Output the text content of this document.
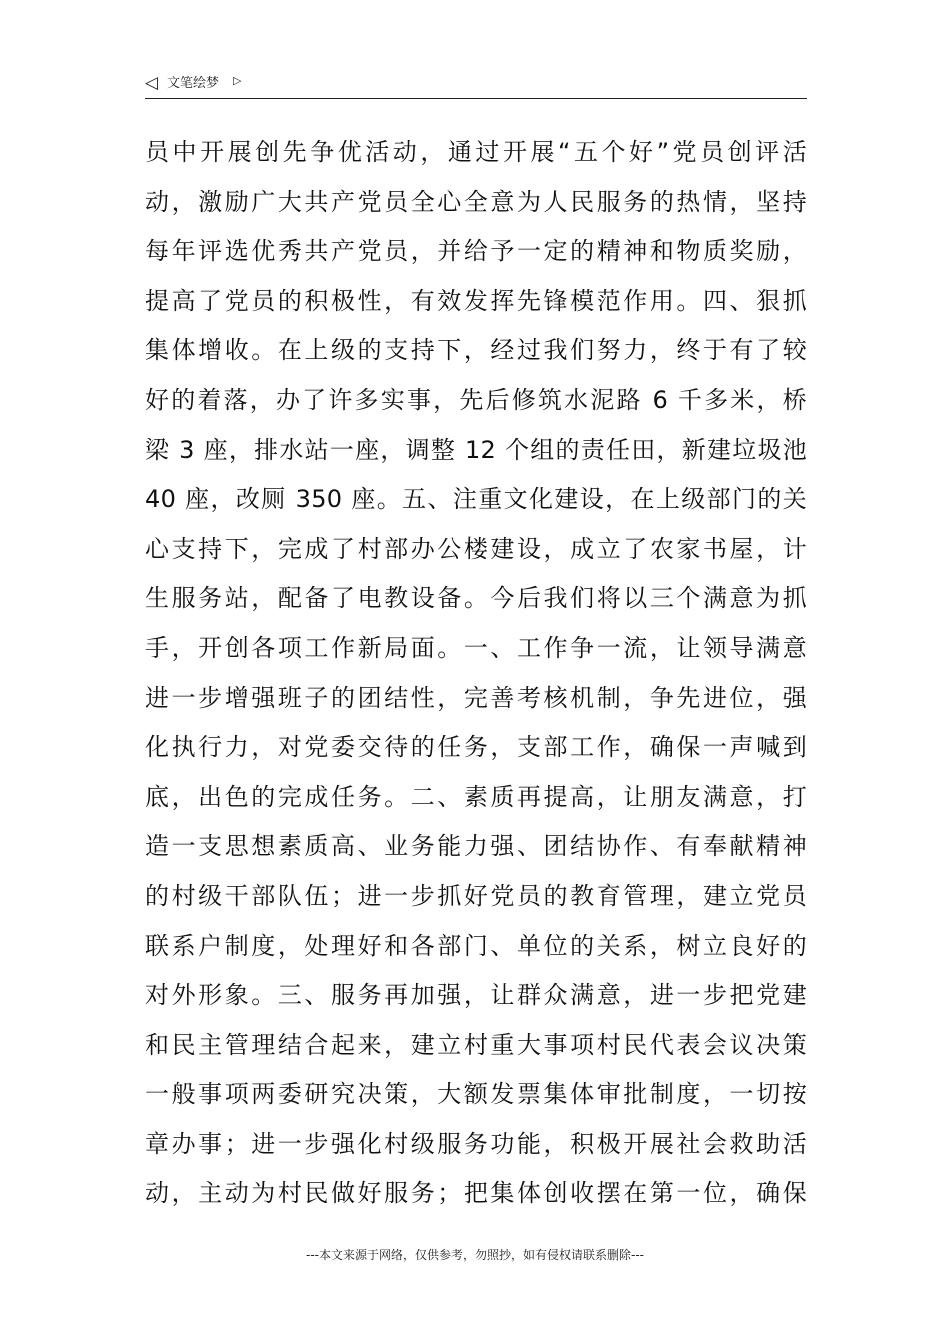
◁ 文笔绘梦 ▷
员中开展创先争优活动，通过开展“五个好”党员创评活
动，激励广大共产党员全心全意为人民服务的热情，坚持
每年评选优秀共产党员，并给予一定的精神和物质奖励，
提高了党员的积极性，有效发挥先锋模范作用。四、狠抓
集体增收。在上级的支持下，经过我们努力，终于有了较
好的着落，办了许多实事，先后修筑水泥路 6 千多米，桥
梁 3 座，排水站一座，调整 12 个组的责任田，新建垃圾池
40 座，改厕 350 座。五、注重文化建设，在上级部门的关
心支持下，完成了村部办公楼建设，成立了农家书屋，计
生服务站，配备了电教设备。今后我们将以三个满意为抓
手，开创各项工作新局面。一、工作争一流，让领导满意
进一步增强班子的团结性，完善考核机制，争先进位，强
化执行力，对党委交待的任务，支部工作，确保一声喊到
底，出色的完成任务。二、素质再提高，让朋友满意，打
造一支思想素质高、业务能力强、团结协作、有奉献精神
的村级干部队伍；进一步抓好党员的教育管理，建立党员
联系户制度，处理好和各部门、单位的关系，树立良好的
对外形象。三、服务再加强，让群众满意，进一步把党建
和民主管理结合起来，建立村重大事项村民代表会议决策
一般事项两委研究决策，大额发票集体审批制度，一切按
章办事；进一步强化村级服务功能，积极开展社会救助活
动，主动为村民做好服务；把集体创收摆在第一位，确保
---本文来源于网络，仅供参考，勿照抄，如有侵权请联系删除---
